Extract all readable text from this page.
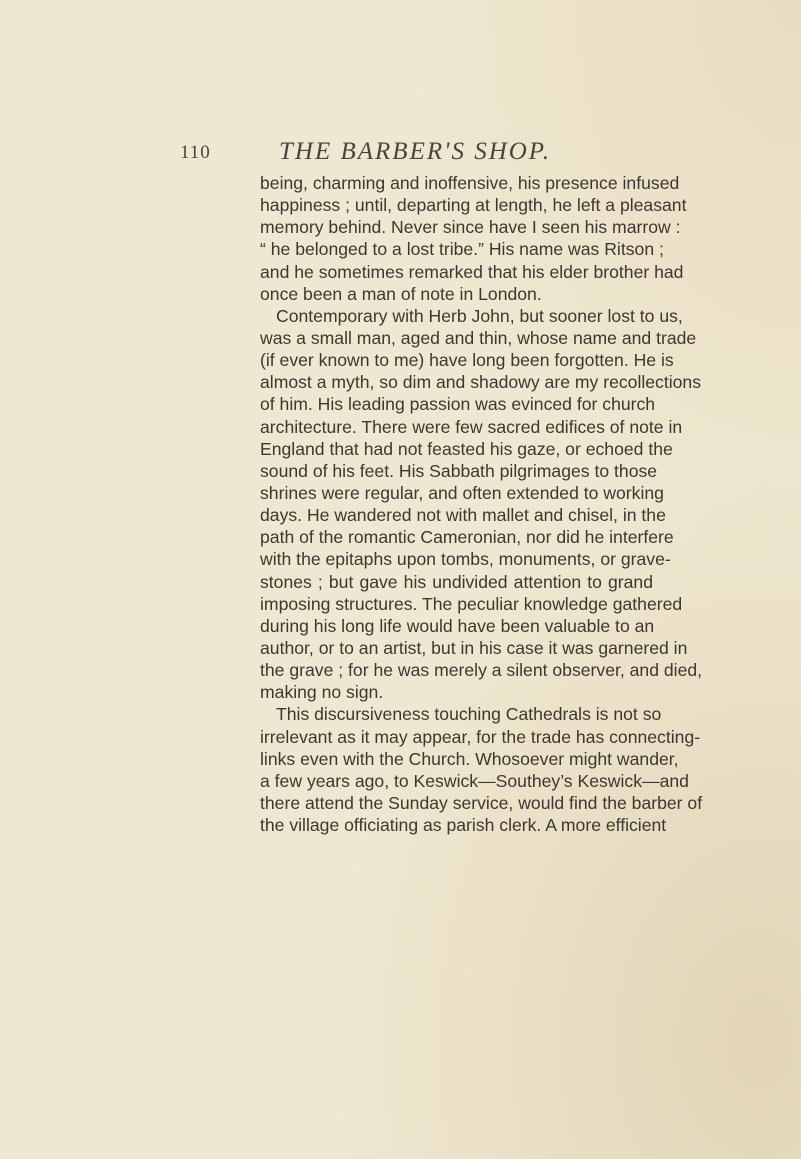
110	THE BARBER'S SHOP.
being, charming and inoffensive, his presence infused
happiness ; until, departing at length, he left a pleasant
memory behind. Never since have I seen his marrow :
“ he belonged to a lost tribe.” His name was Ritson ;
and he sometimes remarked that his elder brother had
once been a man of note in London.
Contemporary with Herb John, but sooner lost to us,
was a small man, aged and thin, whose name and trade
(if ever known to me) have long been forgotten. He is
almost a myth, so dim and shadowy are my recollections
of him. His leading passion was evinced for church
architecture. There were few sacred edifices of note in
England that had not feasted his gaze, or echoed the
sound of his feet. His Sabbath pilgrimages to those
shrines were regular, and often extended to working
days. He wandered not with mallet and chisel, in the
path of the romantic Cameronian, nor did he interfere
with the epitaphs upon tombs, monuments, or grave-
stones ; but gave his undivided attention to grand
imposing structures. The peculiar knowledge gathered
during his long life would have been valuable to an
author, or to an artist, but in his case it was garnered in
the grave ; for he was merely a silent observer, and died,
making no sign.
This discursiveness touching Cathedrals is not so
irrelevant as it may appear, for the trade has connecting-
links even with the Church. Whosoever might wander,
a few years ago, to Keswick—Southey’s Keswick—and
there attend the Sunday service, would find the barber of
the village officiating as parish clerk. A more efficient
